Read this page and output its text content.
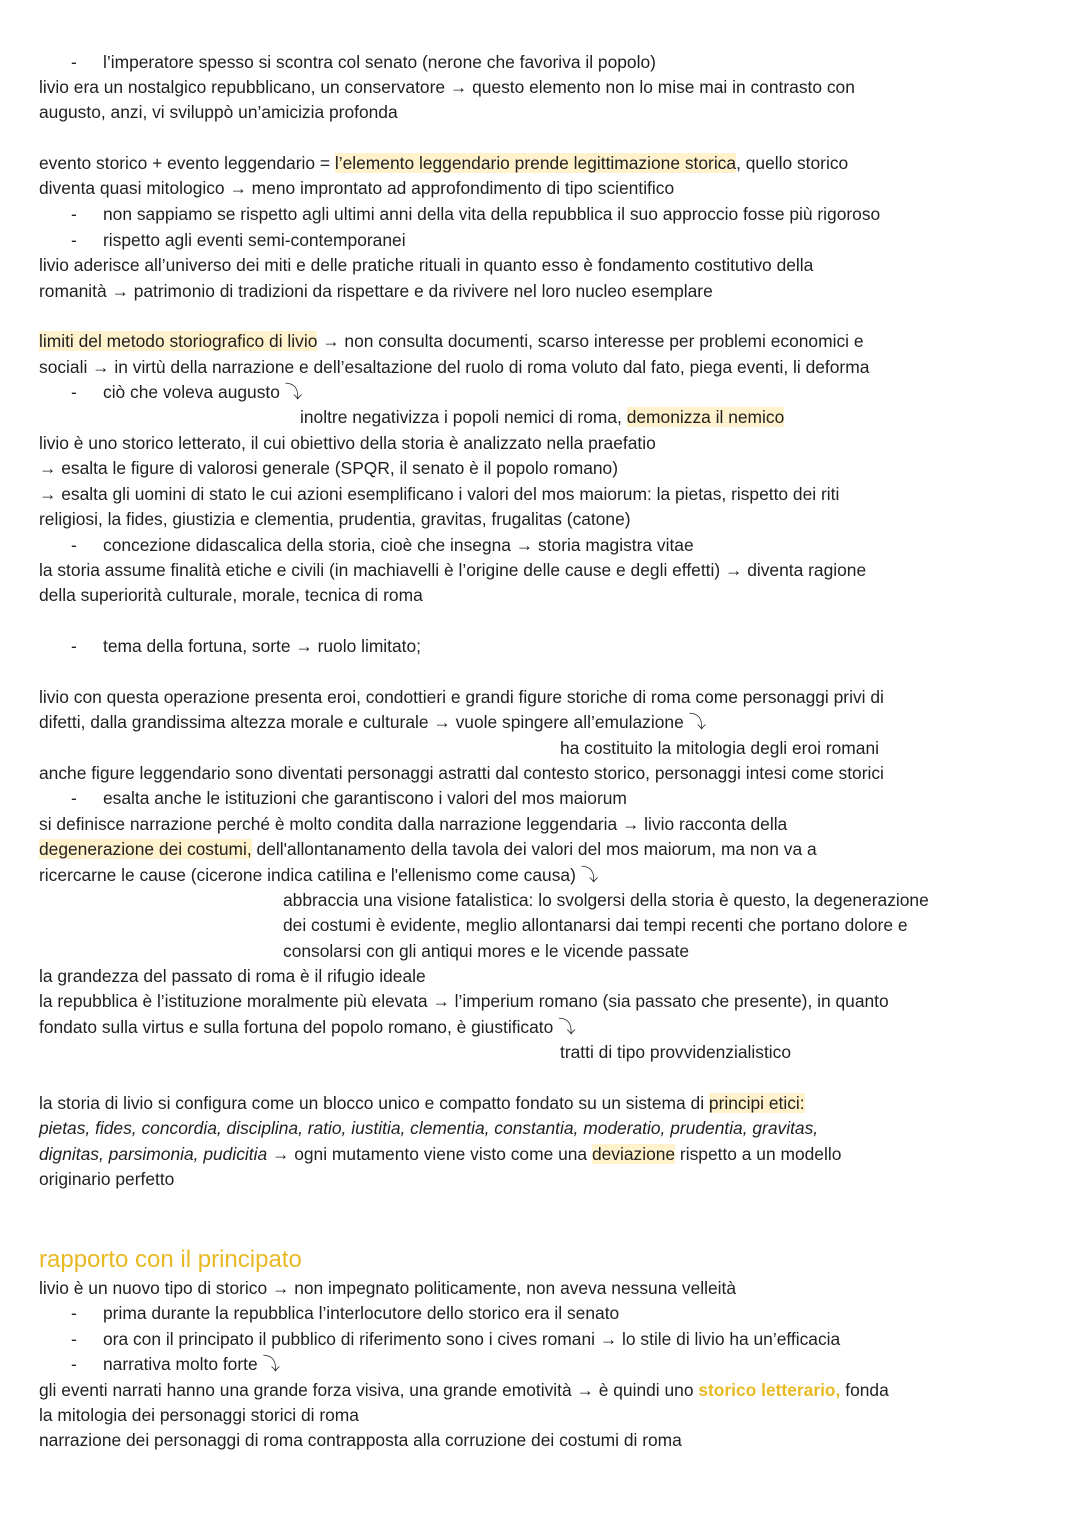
- l’imperatore spesso si scontra col senato (nerone che favoriva il popolo)
livio era un nostalgico repubblicano, un conservatore → questo elemento non lo mise mai in contrasto con
augusto, anzi, vi sviluppò un’amicizia profonda
evento storico + evento leggendario = l’elemento leggendario prende legittimazione storica, quello storico
diventa quasi mitologico → meno improntato ad approfondimento di tipo scientifico
- non sappiamo se rispetto agli ultimi anni della vita della repubblica il suo approccio fosse più rigoroso
- rispetto agli eventi semi-contemporanei
livio aderisce all’universo dei miti e delle pratiche rituali in quanto esso è fondamento costitutivo della
romanità → patrimonio di tradizioni da rispettare e da rivivere nel loro nucleo esemplare
limiti del metodo storiografico di livio → non consulta documenti, scarso interesse per problemi economici e
sociali → in virtù della narrazione e dell’esaltazione del ruolo di roma voluto dal fato, piega eventi, li deforma
- ciò che voleva augusto ⤵
inoltre negativizza i popoli nemici di roma, demonizza il nemico
livio è uno storico letterato, il cui obiettivo della storia è analizzato nella praefatio
→ esalta le figure di valorosi generale (SPQR, il senato è il popolo romano)
→ esalta gli uomini di stato le cui azioni esemplificano i valori del mos maiorum: la pietas, rispetto dei riti
religiosi, la fides, giustizia e clementia, prudentia, gravitas, frugalitas (catone)
- concezione didascalica della storia, cioè che insegna → storia magistra vitae
la storia assume finalità etiche e civili (in machiavelli è l’origine delle cause e degli effetti) → diventa ragione
della superiorità culturale, morale, tecnica di roma
- tema della fortuna, sorte → ruolo limitato;
livio con questa operazione presenta eroi, condottieri e grandi figure storiche di roma come personaggi privi di
difetti, dalla grandissima altezza morale e culturale → vuole spingere all’emulazione ⤵
ha costituito la mitologia degli eroi romani
anche figure leggendario sono diventati personaggi astratti dal contesto storico, personaggi intesi come storici
- esalta anche le istituzioni che garantiscono i valori del mos maiorum
si definisce narrazione perché è molto condita dalla narrazione leggendaria → livio racconta della
degenerazione dei costumi, dell'allontanamento della tavola dei valori del mos maiorum, ma non va a
ricercarne le cause (cicerone indica catilina e l'ellenismo come causa) ⤵
abbraccia una visione fatalistica: lo svolgersi della storia è questo, la degenerazione
dei costumi è evidente, meglio allontanarsi dai tempi recenti che portano dolore e
consolarsi con gli antiqui mores e le vicende passate
la grandezza del passato di roma è il rifugio ideale
la repubblica è l’istituzione moralmente più elevata → l’imperium romano (sia passato che presente), in quanto
fondato sulla virtus e sulla fortuna del popolo romano, è giustificato ⤵
tratti di tipo provvidenzialistico
la storia di livio si configura come un blocco unico e compatto fondato su un sistema di principi etici:
pietas, fides, concordia, disciplina, ratio, iustitia, clementia, constantia, moderatio, prudentia, gravitas,
dignitas, parsimonia, pudicitia → ogni mutamento viene visto come una deviazione rispetto a un modello
originario perfetto
rapporto con il principato
livio è un nuovo tipo di storico → non impegnato politicamente, non aveva nessuna velleità
- prima durante la repubblica l’interlocutore dello storico era il senato
- ora con il principato il pubblico di riferimento sono i cives romani → lo stile di livio ha un’efficacia
- narrativa molto forte ⤵
gli eventi narrati hanno una grande forza visiva, una grande emotività → è quindi uno storico letterario, fonda
la mitologia dei personaggi storici di roma
narrazione dei personaggi di roma contrapposta alla corruzione dei costumi di roma
